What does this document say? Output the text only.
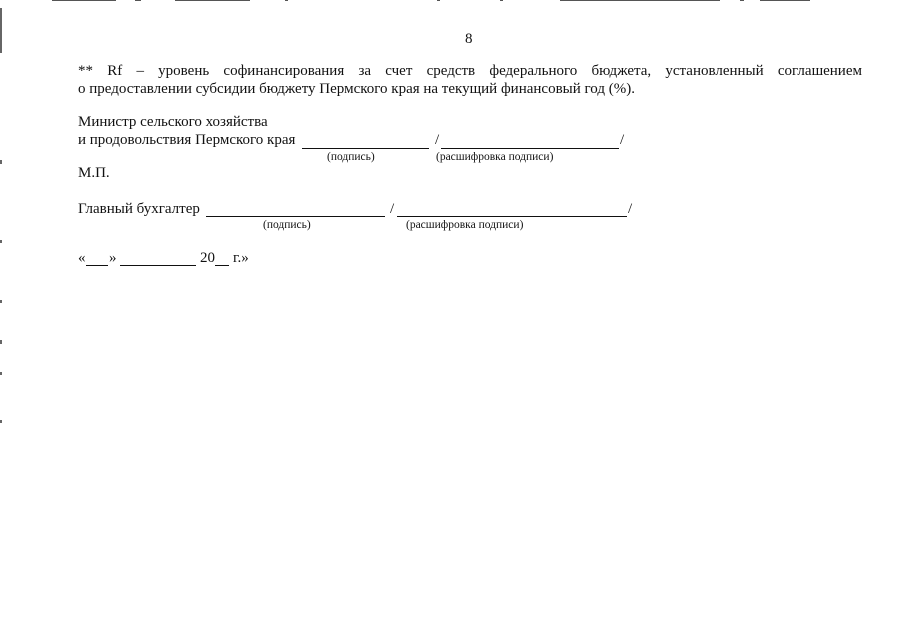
8
** Rf – уровень софинансирования за счет средств федерального бюджета, установленный соглашением
о предоставлении субсидии бюджету Пермского края на текущий финансовый год (%).
Министр сельского хозяйства
и продовольствия Пермского края	/	/
(подпись)	(расшифровка подписи)
М.П.
Главный бухгалтер	/	/
(подпись)	(расшифровка подписи)
« »	20 г.»
